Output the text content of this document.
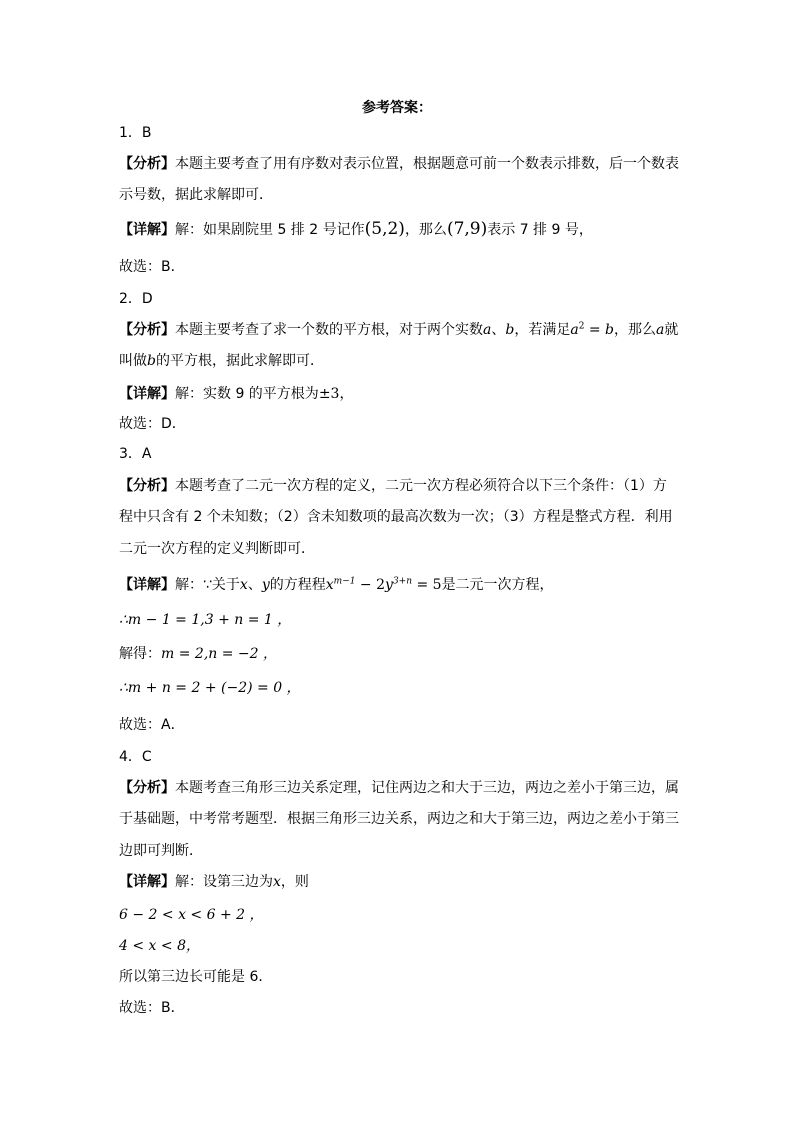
参考答案：
1．B
【分析】本题主要考查了用有序数对表示位置，根据题意可前一个数表示排数，后一个数表
示号数，据此求解即可．
【详解】解：如果剧院里 5 排 2 号记作(5,2)，那么(7,9)表示 7 排 9 号，
故选：B．
2．D
【分析】本题主要考查了求一个数的平方根，对于两个实数a、b，若满足$a^2 = b$，那么a就
叫做b的平方根，据此求解即可．
【详解】解：实数 9 的平方根为±3，
故选：D．
3．A
【分析】本题考查了二元一次方程的定义，二元一次方程必须符合以下三个条件：（1）方
程中只含有 2 个未知数；（2）含未知数项的最高次数为一次；（3）方程是整式方程．利用
二元一次方程的定义判断即可．
【详解】解：∵关于x、y的方程程$x^{m-1} - 2y^{3+n} = 5$是二元一次方程，
∴m − 1 = 1,3 + n = 1 ，
解得：m = 2,n = −2 ，
∴m + n = 2 + (−2) = 0 ，
故选：A．
4．C
【分析】本题考查三角形三边关系定理，记住两边之和大于三边，两边之差小于第三边，属
于基础题，中考常考题型．根据三角形三边关系，两边之和大于第三边，两边之差小于第三
边即可判断．
【详解】解：设第三边为x，则
6 − 2 < x < 6 + 2 ，
4 < x < 8，
所以第三边长可能是 6．
故选：B．
